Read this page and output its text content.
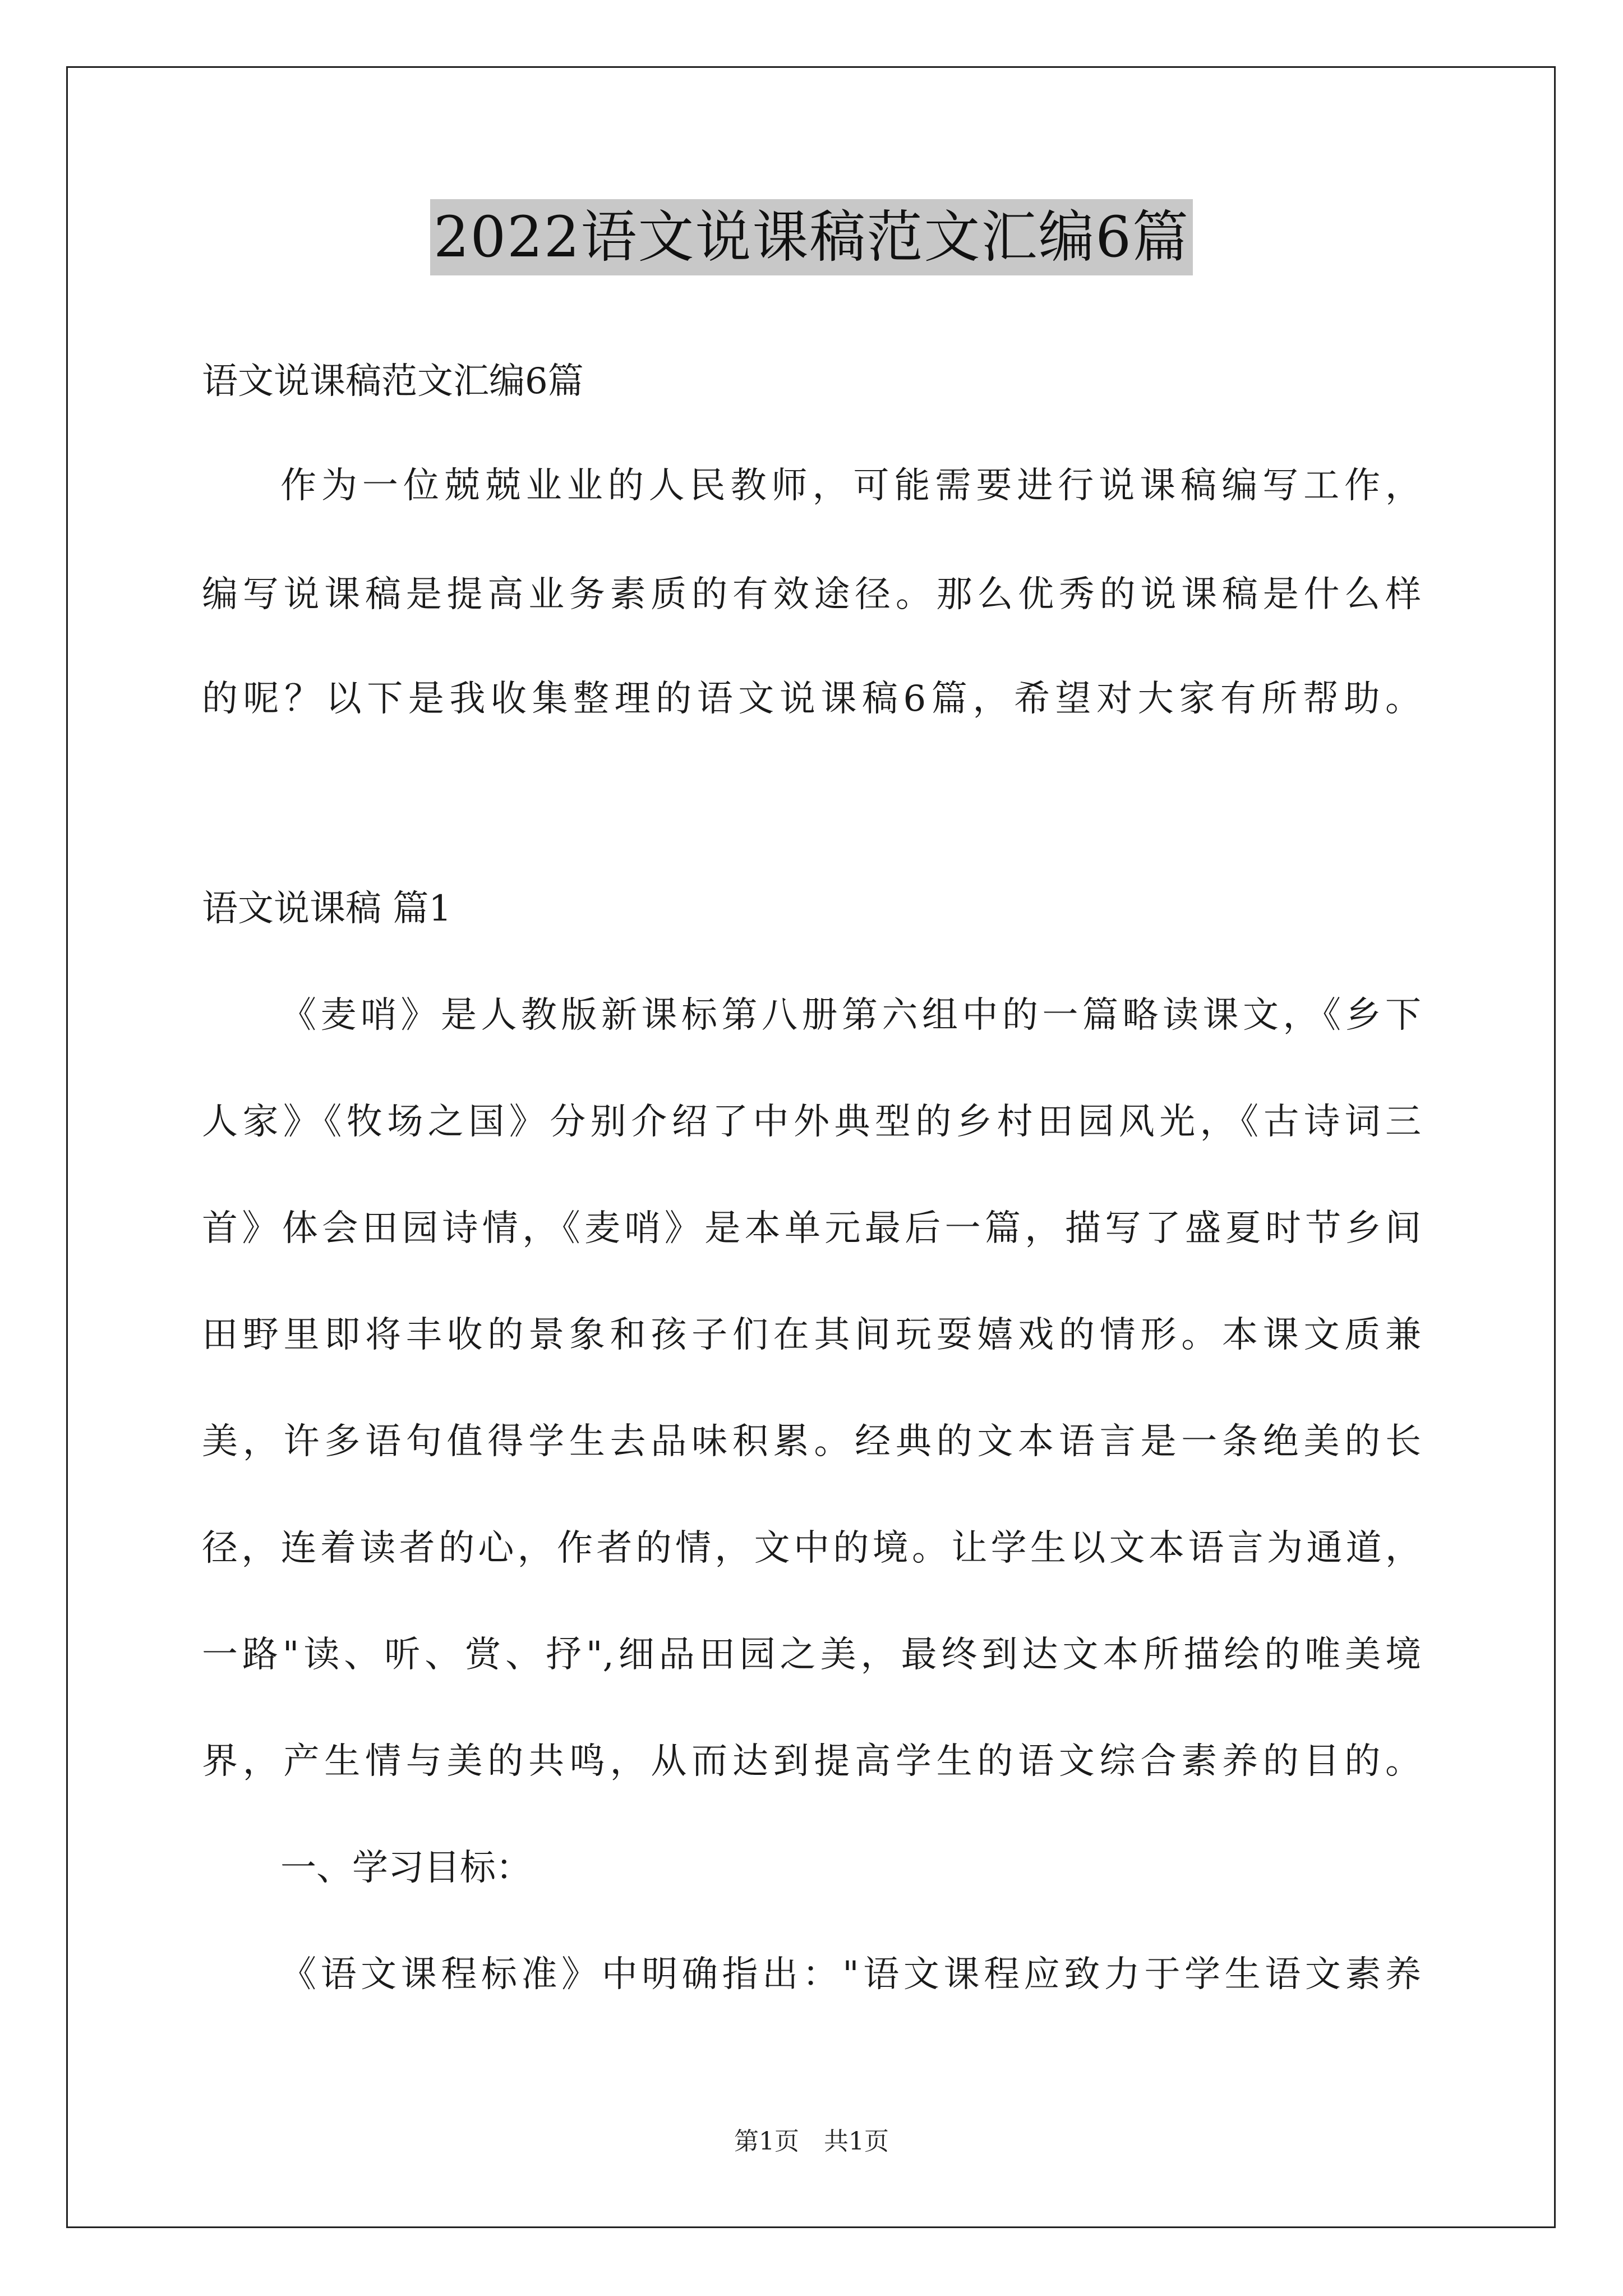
2022语文说课稿范文汇编6篇
语文说课稿范文汇编6篇
作为一位兢兢业业的人民教师，可能需要进行说课稿编写工作，
编写说课稿是提高业务素质的有效途径。那么优秀的说课稿是什么样
的呢？以下是我收集整理的语文说课稿6篇，希望对大家有所帮助。
语文说课稿 篇1
《麦哨》是人教版新课标第八册第六组中的一篇略读课文，《乡下
人家》《牧场之国》分别介绍了中外典型的乡村田园风光，《古诗词三
首》体会田园诗情，《麦哨》是本单元最后一篇，描写了盛夏时节乡间
田野里即将丰收的景象和孩子们在其间玩耍嬉戏的情形。本课文质兼
美，许多语句值得学生去品味积累。经典的文本语言是一条绝美的长
径，连着读者的心，作者的情，文中的境。让学生以文本语言为通道，
一路"读、听、赏、抒",细品田园之美，最终到达文本所描绘的唯美境
界，产生情与美的共鸣，从而达到提高学生的语文综合素养的目的。
一、学习目标：
《语文课程标准》中明确指出："语文课程应致力于学生语文素养
第1页　共1页
